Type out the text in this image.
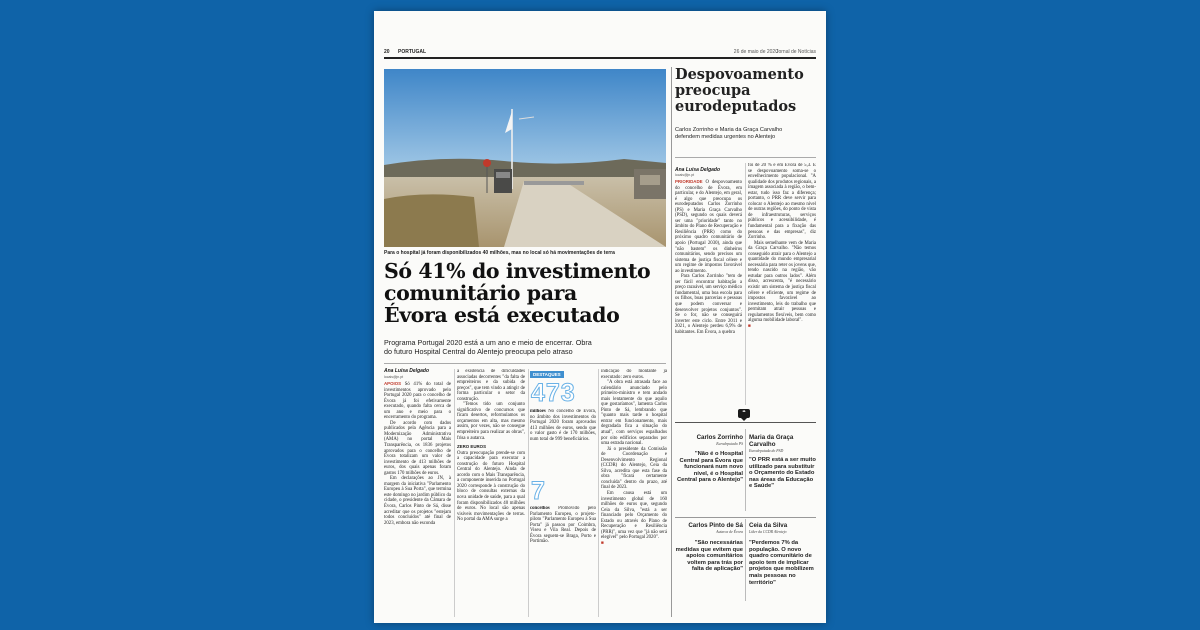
20 PORTUGAL	26 de maio de 2020
Jornal de Notícias
Para o hospital já foram disponibilizados 40 milhões, mas no local só há movimentações de terra
Só 41% do investimento
comunitário para
Évora está executado
Programa Portugal 2020 está a um ano e meio de encerrar. Obra
do futuro Hospital Central do Alentejo preocupa pelo atraso
Ana Luisa Delgado
locais@jn.pt
APOIOS Só 41% do total de investimentos aprovado pelo Portugal 2020 para o concelho de Évora já foi efetivamente executado, quando falta cerca de um ano e meio para o encerramento do programa.
De acordo com dados publicados pela Agência para a Modernização Administrativa (AMA) no portal Mais Transparência, os 1836 projetos aprovados para o concelho de Évora totalizam um valor de investimento de 413 milhões de euros, dos quais apenas foram gastos 170 milhões de euros.
Em declarações ao JN, à margem da iniciativa "Parlamento Europeu à Sua Porta", que termina este domingo no jardim público da cidade, o presidente da Câmara de Évora, Carlos Pinto de Sá, disse acreditar que os projetos "estejam todos concluídos" até final de 2023, embora não esconda
a existência de dificuldades associadas decorrentes "da falta de empreiteiros e da subida de preços", que tem vindo a atingir de forma particular o setor da construção.
"Temos tido um conjunto significativo de concursos que ficam desertos, reformulamos os orçamentos em alta, mas mesmo assim, por vezes, não se consegue empreiteiro para realizar as obras", frisa o autarca.
ZERO EUROS
Outra preocupação prende-se com a capacidade para executar a construção do futuro Hospital Central do Alentejo. Ainda de acordo com o Mais Transparência, a componente inserida no Portugal 2020 corresponde à construção do bloco de consultas externas da nova unidade de saúde, para a qual foram disponibilizados 40 milhões de euros. No local são apenas visíveis movimentações de terras. No portal da AMA surge a
DESTAQUES
473
milhões No concelho de Évora, no âmbito dos investimentos do Portugal 2020 foram aprovados 413 milhões de euros, sendo que o valor gasto é de 170 milhões, num total de 999 beneficiários.
7
concelhos Promovido pelo Parlamento Europeu, o projeto-piloto "Parlamento Europeu à Sua Porta" já passou por Coimbra, Viseu e Vila Real. Depois de Évora seguem-se Braga, Porto e Portimão.
indicação do montante já executado: zero euros.
"A obra está atrasada face ao calendário anunciado pelo primeiro-ministro e tem andado mais lentamente do que aquilo que gostaríamos", lamenta Carlos Pinto de Sá, lembrando que "quanto mais tarde o hospital entrar em funcionamento, mais degradada fica a situação do atual", com serviços espalhados por oito edifícios separados por uma estrada nacional.
Já o presidente da Comissão de Coordenação e Desenvolvimento Regional (CCDR) do Alentejo, Ceia da Silva, acredita que esta fase da obra "ficará certamente concluída" dentro do prazo, até final de 2023.
Em causa está um investimento global de 160 milhões de euros que, segundo Ceia da Silva, "está a ser financiado pelo Orçamento do Estado ou através do Plano de Recuperação e Resiliência (PRR)", uma vez que "já não será elegível" pelo Portugal 2020".
■
Despovoamento
preocupa
eurodeputados
Carlos Zorrinho e Maria da Graça Carvalho defendem medidas urgentes no Alentejo
Ana Luisa Delgado
locais@jn.pt
PRIORIDADE O despovoamento do concelho de Évora, em particular, e do Alentejo, em geral, é algo que preocupa os eurodeputados Carlos Zorrinho (PS) e Maria Graça Carvalho (PSD), segundo os quais deverá ser uma "prioridade" tanto no âmbito do Plano de Recuperação e Resiliência (PRR) como do próximo quadro comunitário de apoio (Portugal 2030), ainda que "não bastem" os dinheiros comunitários, sendo precisos um sistema de justiça fiscal célere e um regime de impostos favorável ao investimento.
Para Carlos Zorrinho "tem de ser fácil encontrar habitação a preço razoável, um serviço médico fundamental, uma boa escola para os filhos, boas parcerias e pessoas que podem conversar e desenvolver projetos conjuntos". Se o for, não se conseguirá inverter este ciclo. Entre 2011 e 2021, o Alentejo perdeu 6,9% de habitantes. Em Évora, a quebra
foi de 20 % e em Évora de 5,3. E se despovoamento soma-se o envelhecimento populacional. "A qualidade dos produtos regionais, a imagem associada à região, o bem-estar, tudo isso faz a diferença; portanto, o PRR deve servir para colocar o Alentejo ao mesmo nível de outras regiões, do ponto de vista de infraestruturas, serviços públicos e acessibilidade, é fundamental para a fixação das pessoas e das empresas", diz Zorrinho.
Mais semelhante vem de Maria da Graça Carvalho. "Não temos conseguido atrair para o Alentejo a quantidade do mundo empresarial necessária para reter os jovens que, tendo nascido na região, vão estudar para outros lados". Além disso, acrescenta, "é necessário existir um sistema de justiça fiscal célere e eficiente, um regime de impostos favorável ao investimento, leis do trabalho que permitam atrair pessoas e regulamentos flexíveis, bem como alguma mobilidade laboral".
■
“
Carlos Zorrinho
Eurodeputado PS
"Não é o Hospital Central para Évora que funcionará num novo nível, é o Hospital Central para o Alentejo"
Maria da Graça
Carvalho
Eurodeputada do PSD
"O PRR está a ser muito utilizado para substituir o Orçamento do Estado nas áreas da Educação e Saúde"
Carlos Pinto de Sá
Autarca de Évora
"São necessárias medidas que evitem que apoios comunitários voltem para trás por falta de aplicação"
Ceia da Silva
Líder da CCDR Alentejo
"Perdemos 7% da população. O novo quadro comunitário de apoio tem de implicar projetos que mobilizem mais pessoas no território"
